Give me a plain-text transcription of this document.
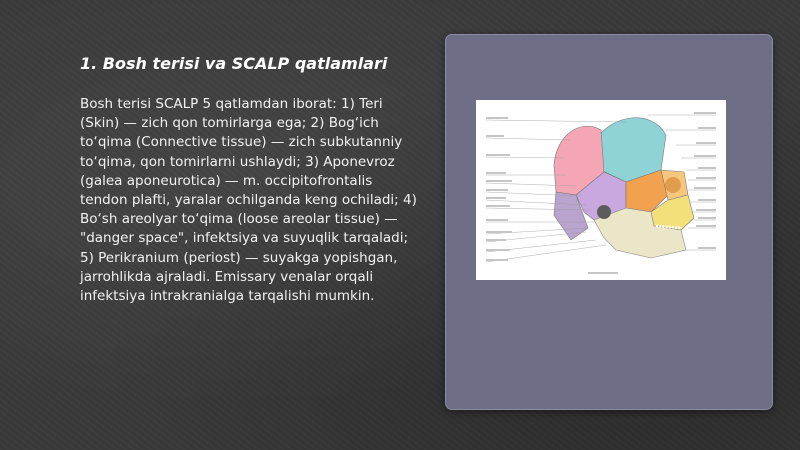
1. Bosh terisi va SCALP qatlamlari
Bosh terisi SCALP 5 qatlamdan iborat: 1) Teri (Skin) — zich qon tomirlarga ega; 2) Bog‘ich to‘qima (Connective tissue) — zich subkutanniy to‘qima, qon tomirlarni ushlaydi; 3) Aponevroz (galea aponeurotica) — m. occipitofrontalis tendon plafti, yaralar ochilganda keng ochiladi; 4) Bo‘sh areolyar to‘qima (loose areolar tissue) — "danger space", infektsiya va suyuqlik tarqaladi; 5) Perikranium (periost) — suyakga yopishgan, jarrohlikda ajraladi. Emissary venalar orqali infektsiya intrakranialga tarqalishi mumkin.
